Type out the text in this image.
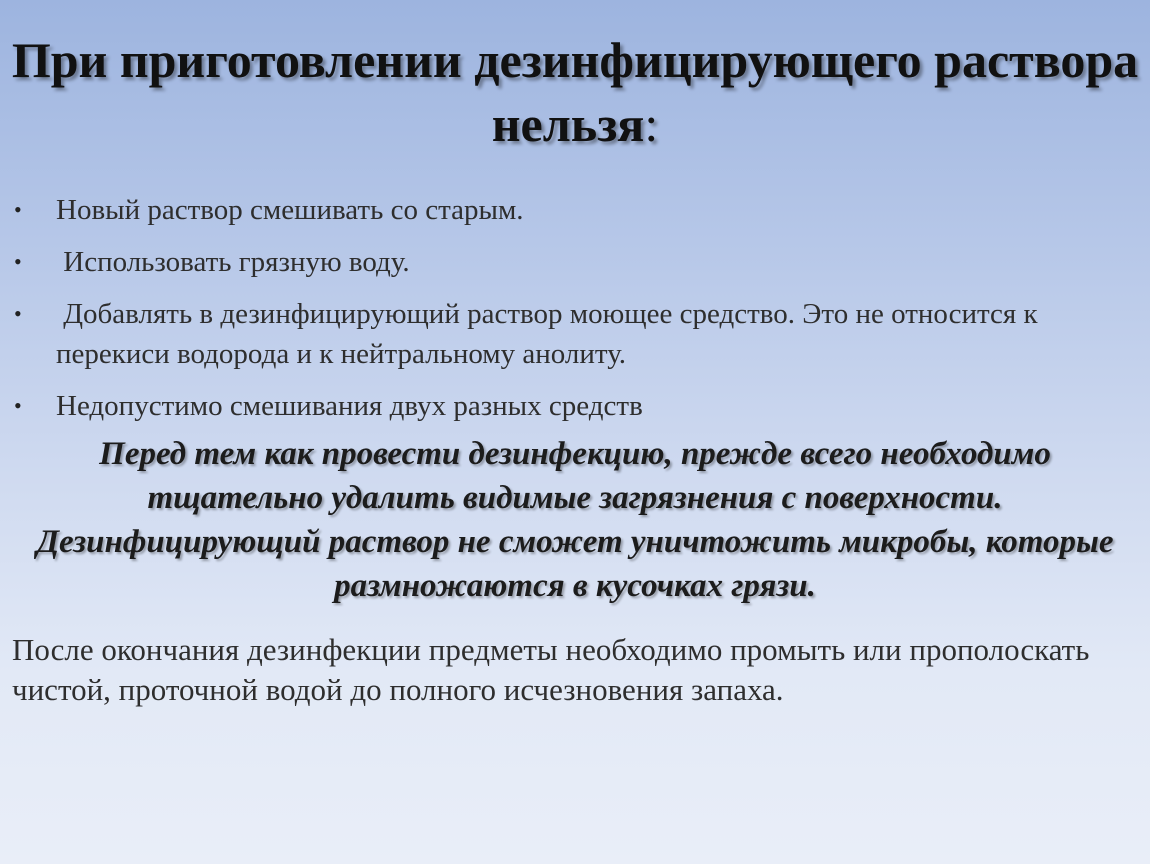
При приготовлении дезинфицирующего раствора нельзя:
• Новый раствор смешивать со старым.
• Использовать грязную воду.
• Добавлять в дезинфицирующий раствор моющее средство. Это не относится к перекиси водорода и к нейтральному анолиту.
• Недопустимо смешивания двух разных средств
Перед тем как провести дезинфекцию, прежде всего необходимо тщательно удалить видимые загрязнения с поверхности. Дезинфицирующий раствор не сможет уничтожить микробы, которые размножаются в кусочках грязи.
После окончания дезинфекции предметы необходимо промыть или прополоскать чистой, проточной водой до полного исчезновения запаха.
